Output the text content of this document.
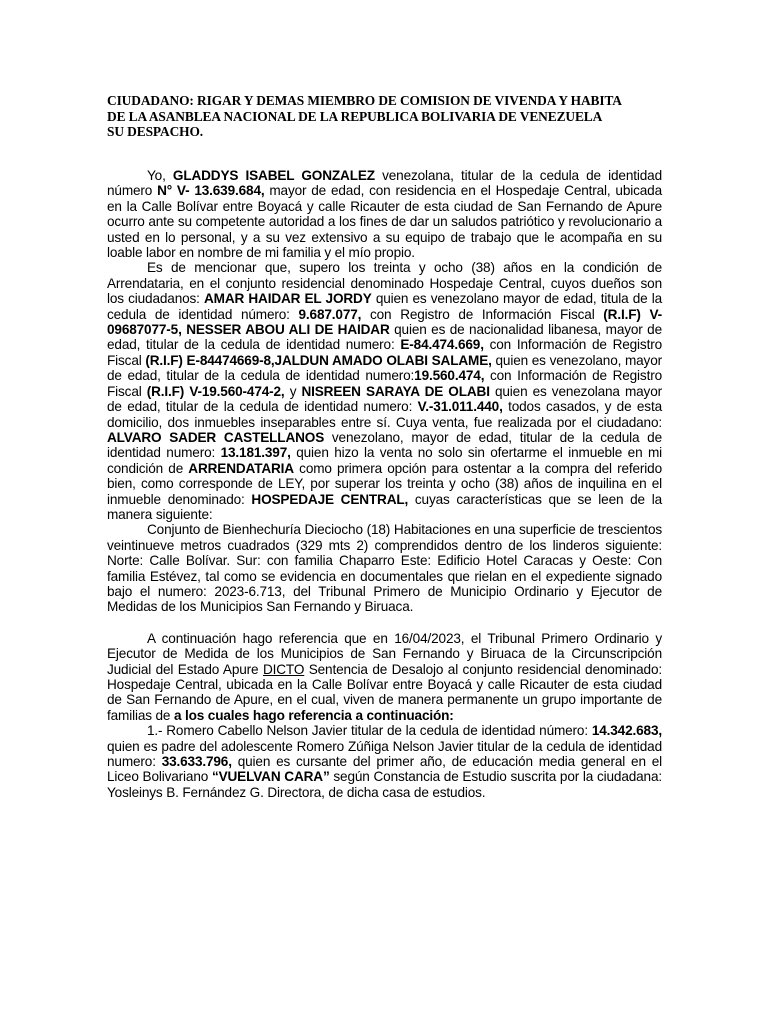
CIUDADANO: RIGAR Y DEMAS MIEMBRO DE COMISION DE VIVENDA Y HABITA
DE LA ASANBLEA NACIONAL DE LA REPUBLICA BOLIVARIA DE VENEZUELA
SU DESPACHO.

Yo, GLADDYS ISABEL GONZALEZ venezolana, titular de la cedula de identidad número N° V- 13.639.684, mayor de edad, con residencia en el Hospedaje Central, ubicada en la Calle Bolívar entre Boyacá y calle Ricauter de esta ciudad de San Fernando de Apure ocurro ante su competente autoridad a los fines de dar un saludos patriótico y revolucionario a usted en lo personal, y a su vez extensivo a su equipo de trabajo que le acompaña en su loable labor en nombre de mi familia y el mío propio.

Es de mencionar que, supero los treinta y ocho (38) años en la condición de Arrendataria, en el conjunto residencial denominado Hospedaje Central, cuyos dueños son los ciudadanos: AMAR HAIDAR EL JORDY quien es venezolano mayor de edad, titula de la cedula de identidad número: 9.687.077, con Registro de Información Fiscal (R.I.F) V-09687077-5, NESSER ABOU ALI DE HAIDAR quien es de nacionalidad libanesa, mayor de edad, titular de la cedula de identidad numero: E-84.474.669, con Información de Registro Fiscal (R.I.F) E-84474669-8,JALDUN AMADO OLABI SALAME, quien es venezolano, mayor de edad, titular de la cedula de identidad numero:19.560.474, con Información de Registro Fiscal (R.I.F) V-19.560-474-2, y NISREEN SARAYA DE OLABI quien es venezolana mayor de edad, titular de la cedula de identidad numero: V.-31.011.440, todos casados, y de esta domicilio, dos inmuebles inseparables entre sí. Cuya venta, fue realizada por el ciudadano: ALVARO SADER CASTELLANOS venezolano, mayor de edad, titular de la cedula de identidad numero: 13.181.397, quien hizo la venta no solo sin ofertarme el inmueble en mi condición de ARRENDATARIA como primera opción para ostentar a la compra del referido bien, como corresponde de LEY, por superar los treinta y ocho (38) años de inquilina en el inmueble denominado: HOSPEDAJE CENTRAL, cuyas características que se leen de la manera siguiente:

Conjunto de Bienhechuría Dieciocho (18) Habitaciones en una superficie de trescientos veintinueve metros cuadrados (329 mts 2) comprendidos dentro de los linderos siguiente: Norte: Calle Bolívar. Sur: con familia Chaparro Este: Edificio Hotel Caracas y Oeste: Con familia Estévez, tal como se evidencia en documentales que rielan en el expediente signado bajo el numero: 2023-6.713, del Tribunal Primero de Municipio Ordinario y Ejecutor de Medidas de los Municipios San Fernando y Biruaca.

A continuación hago referencia que en 16/04/2023, el Tribunal Primero Ordinario y Ejecutor de Medida de los Municipios de San Fernando y Biruaca de la Circunscripción Judicial del Estado Apure DICTO Sentencia de Desalojo al conjunto residencial denominado: Hospedaje Central, ubicada en la Calle Bolívar entre Boyacá y calle Ricauter de esta ciudad de San Fernando de Apure, en el cual, viven de manera permanente un grupo importante de familias de a los cuales hago referencia a continuación:

1.- Romero Cabello Nelson Javier titular de la cedula de identidad número: 14.342.683, quien es padre del adolescente Romero Zúñiga Nelson Javier titular de la cedula de identidad numero: 33.633.796, quien es cursante del primer año, de educación media general en el Liceo Bolivariano “VUELVAN CARA” según Constancia de Estudio suscrita por la ciudadana: Yosleinys B. Fernández G. Directora, de dicha casa de estudios.
